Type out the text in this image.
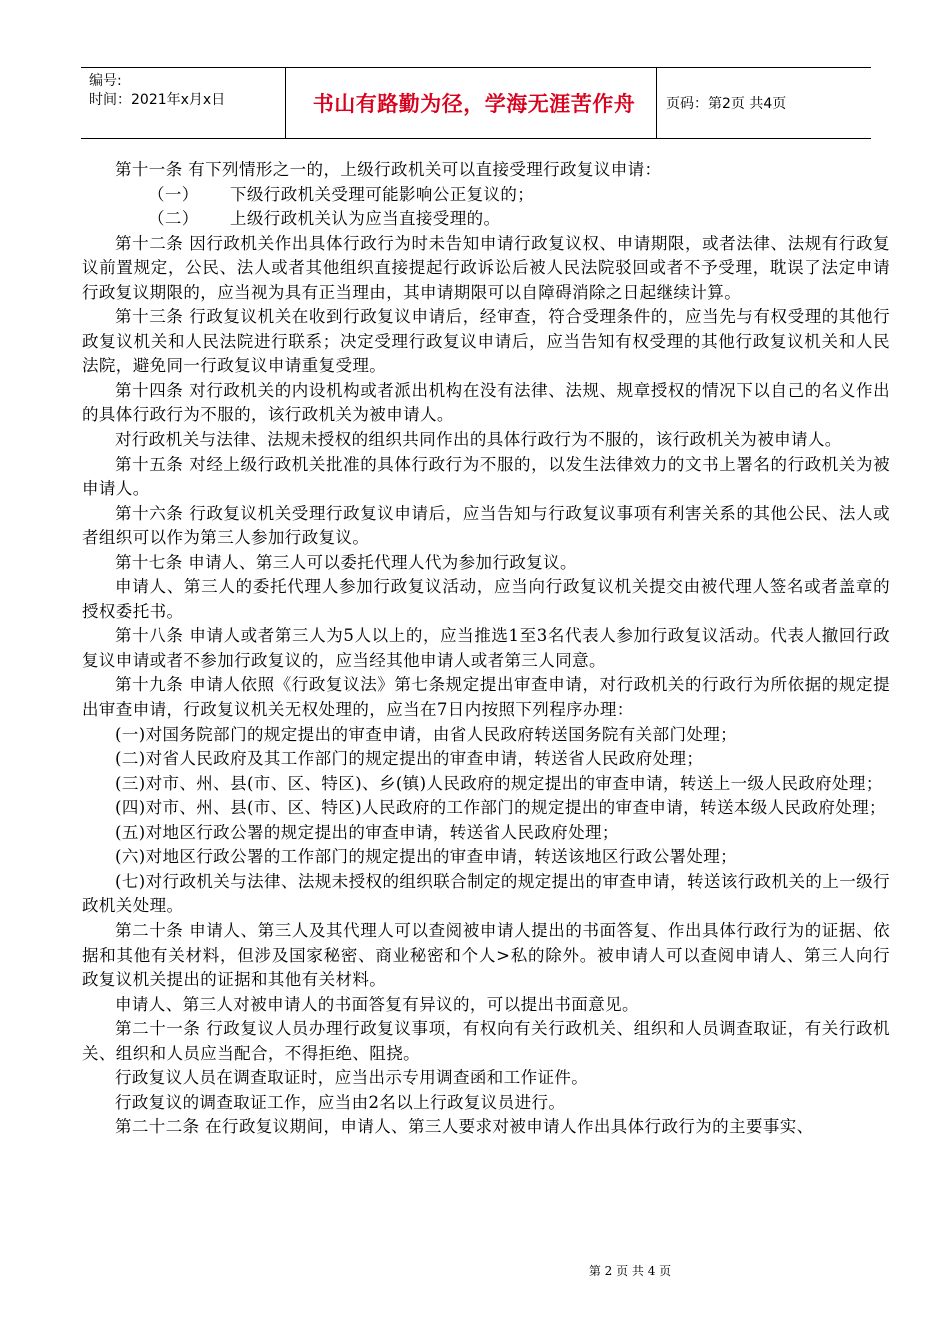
编号:
时间：2021年x月x日	书山有路勤为径，学海无涯苦作舟	页码：第2页 共4页

第十一条 有下列情形之一的，上级行政机关可以直接受理行政复议申请：

（一） 下级行政机关受理可能影响公正复议的；

（二） 上级行政机关认为应当直接受理的。

第十二条 因行政机关作出具体行政行为时未告知申请行政复议权、申请期限，或者法律、法规有行政复议前置规定，公民、法人或者其他组织直接提起行政诉讼后被人民法院驳回或者不予受理，耽误了法定申请行政复议期限的，应当视为具有正当理由，其申请期限可以自障碍消除之日起继续计算。

第十三条 行政复议机关在收到行政复议申请后，经审查，符合受理条件的，应当先与有权受理的其他行政复议机关和人民法院进行联系；决定受理行政复议申请后，应当告知有权受理的其他行政复议机关和人民法院，避免同一行政复议申请重复受理。

第十四条 对行政机关的内设机构或者派出机构在没有法律、法规、规章授权的情况下以自己的名义作出的具体行政行为不服的，该行政机关为被申请人。

对行政机关与法律、法规未授权的组织共同作出的具体行政行为不服的，该行政机关为被申请人。

第十五条 对经上级行政机关批准的具体行政行为不服的，以发生法律效力的文书上署名的行政机关为被申请人。

第十六条 行政复议机关受理行政复议申请后，应当告知与行政复议事项有利害关系的其他公民、法人或者组织可以作为第三人参加行政复议。

第十七条 申请人、第三人可以委托代理人代为参加行政复议。

申请人、第三人的委托代理人参加行政复议活动，应当向行政复议机关提交由被代理人签名或者盖章的授权委托书。

第十八条 申请人或者第三人为5人以上的，应当推选1至3名代表人参加行政复议活动。代表人撤回行政复议申请或者不参加行政复议的，应当经其他申请人或者第三人同意。

第十九条 申请人依照《行政复议法》第七条规定提出审查申请，对行政机关的行政行为所依据的规定提出审查申请，行政复议机关无权处理的，应当在7日内按照下列程序办理：

(一)对国务院部门的规定提出的审查申请，由省人民政府转送国务院有关部门处理；

(二)对省人民政府及其工作部门的规定提出的审查申请，转送省人民政府处理；

(三)对市、州、县(市、区、特区)、乡(镇)人民政府的规定提出的审查申请，转送上一级人民政府处理；

(四)对市、州、县(市、区、特区)人民政府的工作部门的规定提出的审查申请，转送本级人民政府处理；

(五)对地区行政公署的规定提出的审查申请，转送省人民政府处理；

(六)对地区行政公署的工作部门的规定提出的审查申请，转送该地区行政公署处理；

(七)对行政机关与法律、法规未授权的组织联合制定的规定提出的审查申请，转送该行政机关的上一级行政机关处理。

第二十条 申请人、第三人及其代理人可以查阅被申请人提出的书面答复、作出具体行政行为的证据、依据和其他有关材料，但涉及国家秘密、商业秘密和个人>私的除外。被申请人可以查阅申请人、第三人向行政复议机关提出的证据和其他有关材料。

申请人、第三人对被申请人的书面答复有异议的，可以提出书面意见。

第二十一条 行政复议人员办理行政复议事项，有权向有关行政机关、组织和人员调查取证，有关行政机关、组织和人员应当配合，不得拒绝、阻挠。

行政复议人员在调查取证时，应当出示专用调查函和工作证件。

行政复议的调查取证工作，应当由2名以上行政复议员进行。

第二十二条 在行政复议期间，申请人、第三人要求对被申请人作出具体行政行为的主要事实、

第 2 页 共 4 页
